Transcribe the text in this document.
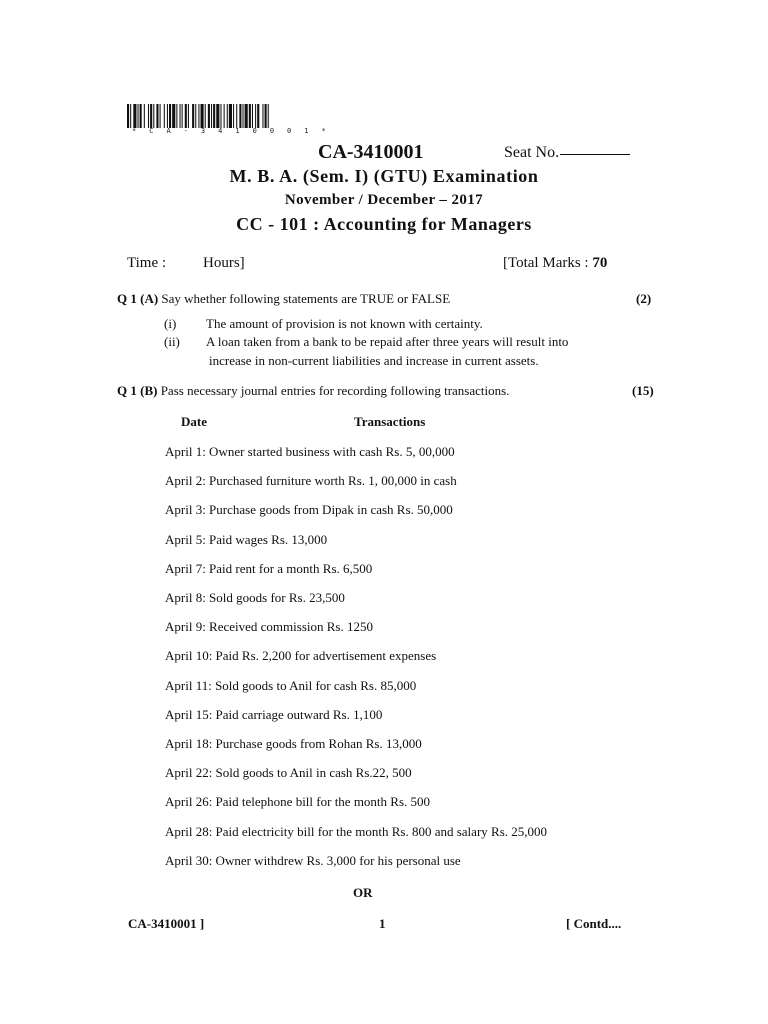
* C A - 3 4 1 0 0 0 1 *
CA-3410001	Seat No.
M. B. A. (Sem. I) (GTU) Examination
November / December – 2017
CC - 101 : Accounting for Managers
Time : Hours]	[Total Marks : 70
Q 1 (A) Say whether following statements are TRUE or FALSE	(2)
(i) The amount of provision is not known with certainty.
(ii) A loan taken from a bank to be repaid after three years will result into
increase in non-current liabilities and increase in current assets.
Q 1 (B) Pass necessary journal entries for recording following transactions.	(15)
Date	Transactions
April 1: Owner started business with cash Rs. 5, 00,000
April 2: Purchased furniture worth Rs. 1, 00,000 in cash
April 3: Purchase goods from Dipak in cash Rs. 50,000
April 5: Paid wages Rs. 13,000
April 7: Paid rent for a month Rs. 6,500
April 8: Sold goods for Rs. 23,500
April 9: Received commission Rs. 1250
April 10: Paid Rs. 2,200 for advertisement expenses
April 11: Sold goods to Anil for cash Rs. 85,000
April 15: Paid carriage outward Rs. 1,100
April 18: Purchase goods from Rohan Rs. 13,000
April 22: Sold goods to Anil in cash Rs.22, 500
April 26: Paid telephone bill for the month Rs. 500
April 28: Paid electricity bill for the month Rs. 800 and salary Rs. 25,000
April 30: Owner withdrew Rs. 3,000 for his personal use
OR
CA-3410001 ]	1	[ Contd....
